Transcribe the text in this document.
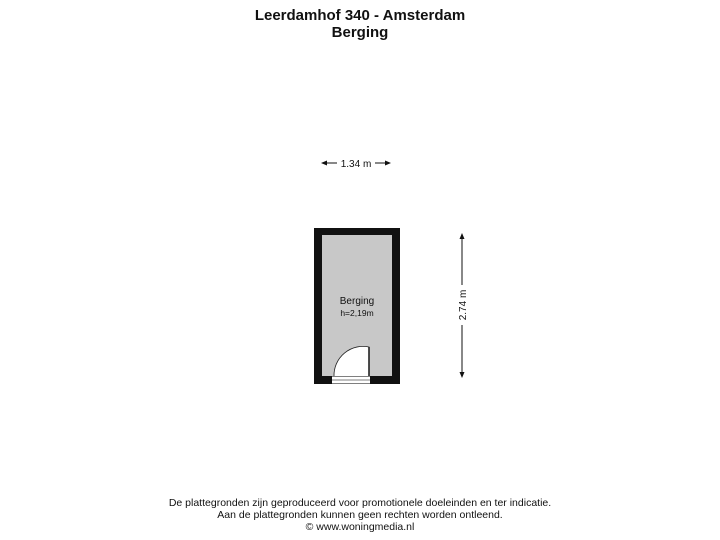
Leerdamhof 340 - Amsterdam
Berging
1.34 m
2.74 m
Berging
h=2,19m
De plattegronden zijn geproduceerd voor promotionele doeleinden en ter indicatie.
Aan de plattegronden kunnen geen rechten worden ontleend.
© www.woningmedia.nl
